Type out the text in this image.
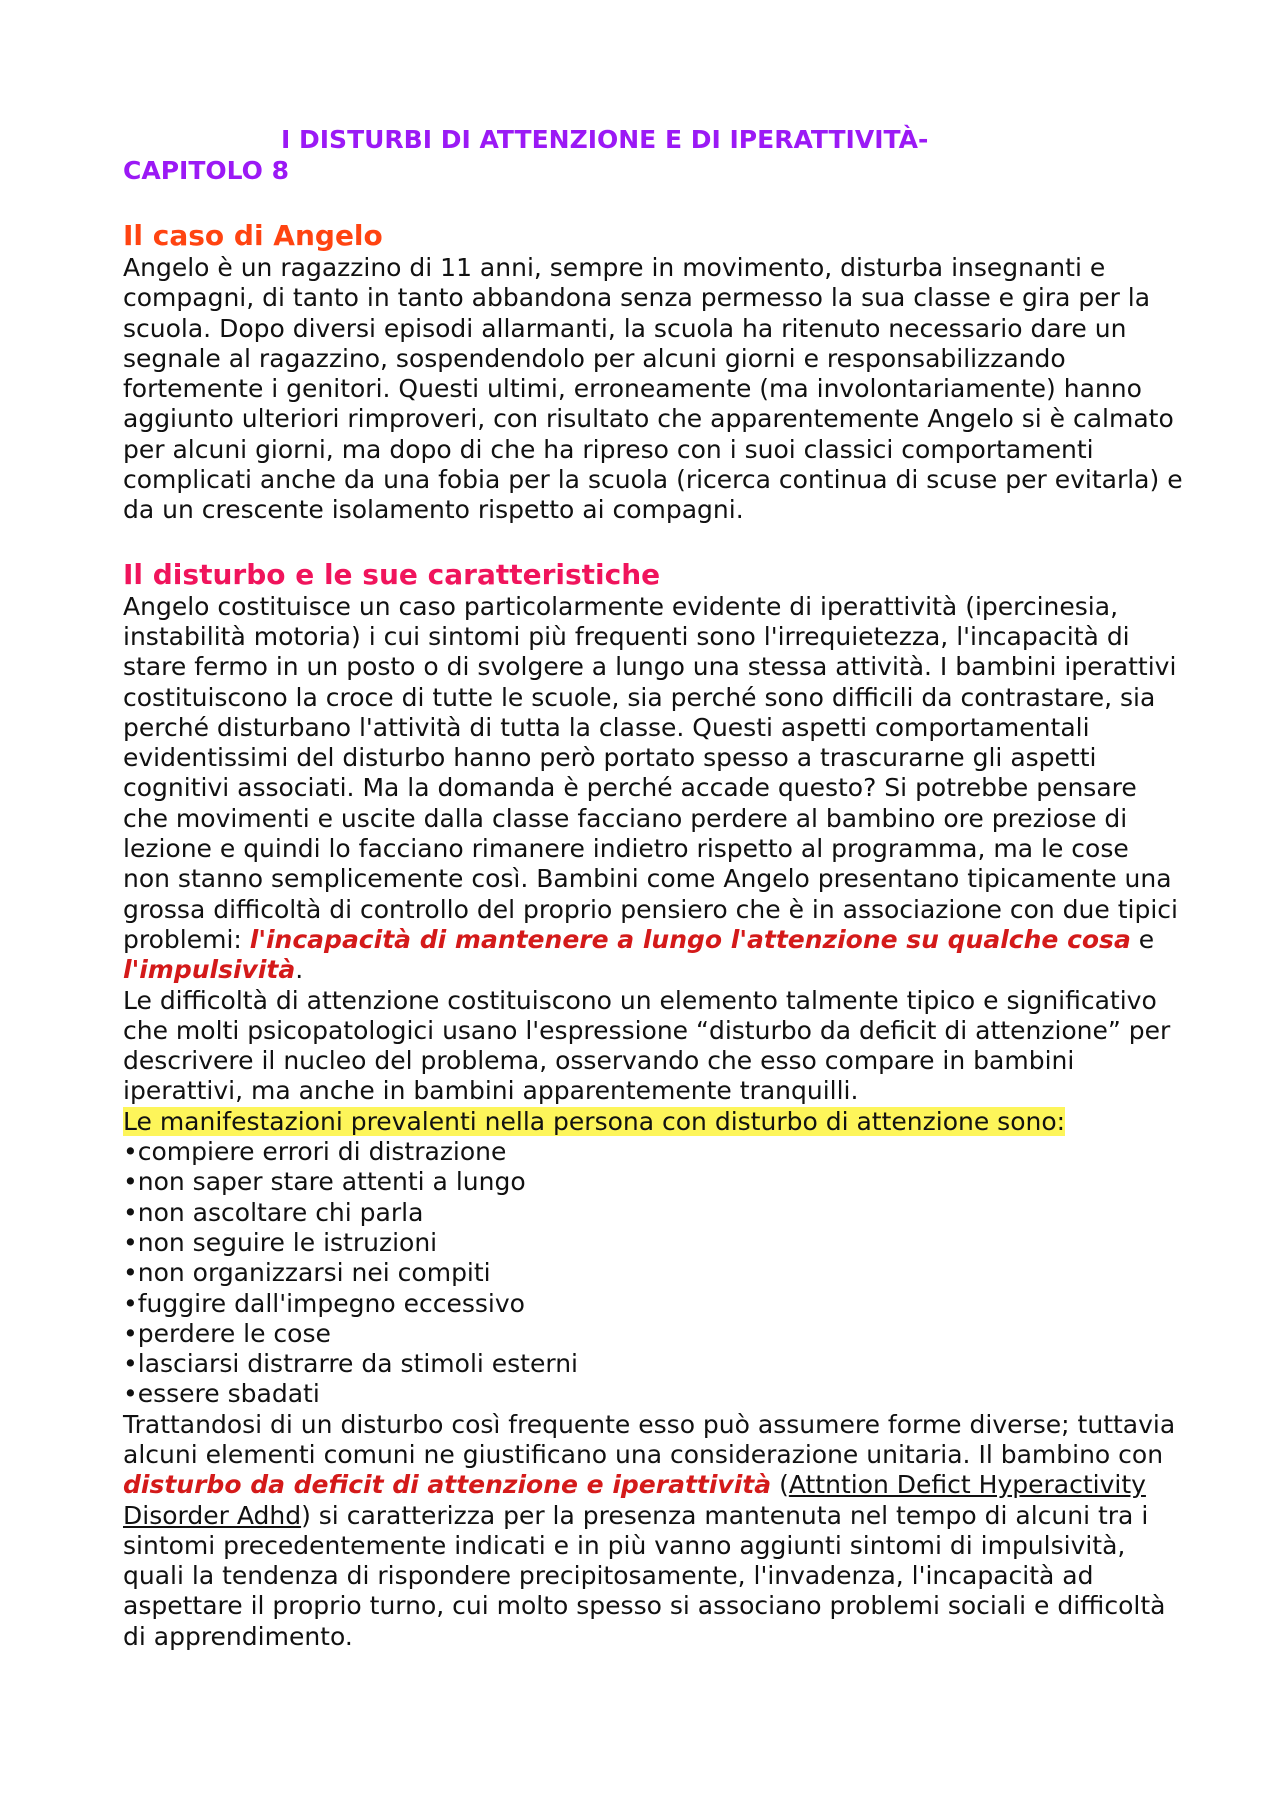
I DISTURBI DI ATTENZIONE E DI IPERATTIVITÀ-
CAPITOLO 8
Il caso di Angelo

Angelo è un ragazzino di 11 anni, sempre in movimento, disturba insegnanti e compagni, di tanto in tanto abbandona senza permesso la sua classe e gira per la scuola. Dopo diversi episodi allarmanti, la scuola ha ritenuto necessario dare un segnale al ragazzino, sospendendolo per alcuni giorni e responsabilizzando fortemente i genitori. Questi ultimi, erroneamente (ma involontariamente) hanno aggiunto ulteriori rimproveri, con risultato che apparentemente Angelo si è calmato per alcuni giorni, ma dopo di che ha ripreso con i suoi classici comportamenti complicati anche da una fobia per la scuola (ricerca continua di scuse per evitarla) e da un crescente isolamento rispetto ai compagni.

Il disturbo e le sue caratteristiche

Angelo costituisce un caso particolarmente evidente di iperattività (ipercinesia, instabilità motoria) i cui sintomi più frequenti sono l'irrequietezza, l'incapacità di stare fermo in un posto o di svolgere a lungo una stessa attività. I bambini iperattivi costituiscono la croce di tutte le scuole, sia perché sono difficili da contrastare, sia perché disturbano l'attività di tutta la classe. Questi aspetti comportamentali evidentissimi del disturbo hanno però portato spesso a trascurarne gli aspetti cognitivi associati. Ma la domanda è perché accade questo? Si potrebbe pensare che movimenti e uscite dalla classe facciano perdere al bambino ore preziose di lezione e quindi lo facciano rimanere indietro rispetto al programma, ma le cose non stanno semplicemente così. Bambini come Angelo presentano tipicamente una grossa difficoltà di controllo del proprio pensiero che è in associazione con due tipici problemi: l'incapacità di mantenere a lungo l'attenzione su qualche cosa e l'impulsività.

Le difficoltà di attenzione costituiscono un elemento talmente tipico e significativo che molti psicopatologici usano l'espressione “disturbo da deficit di attenzione” per descrivere il nucleo del problema, osservando che esso compare in bambini iperattivi, ma anche in bambini apparentemente tranquilli.

Le manifestazioni prevalenti nella persona con disturbo di attenzione sono:

• compiere errori di distrazione
• non saper stare attenti a lungo
• non ascoltare chi parla
• non seguire le istruzioni
• non organizzarsi nei compiti
• fuggire dall'impegno eccessivo
• perdere le cose
• lasciarsi distrarre da stimoli esterni
• essere sbadati

Trattandosi di un disturbo così frequente esso può assumere forme diverse; tuttavia alcuni elementi comuni ne giustificano una considerazione unitaria. Il bambino con disturbo da deficit di attenzione e iperattività (Attntion Defict Hyperactivity Disorder Adhd) si caratterizza per la presenza mantenuta nel tempo di alcuni tra i sintomi precedentemente indicati e in più vanno aggiunti sintomi di impulsività, quali la tendenza di rispondere precipitosamente, l'invadenza, l'incapacità ad aspettare il proprio turno, cui molto spesso si associano problemi sociali e difficoltà di apprendimento.
